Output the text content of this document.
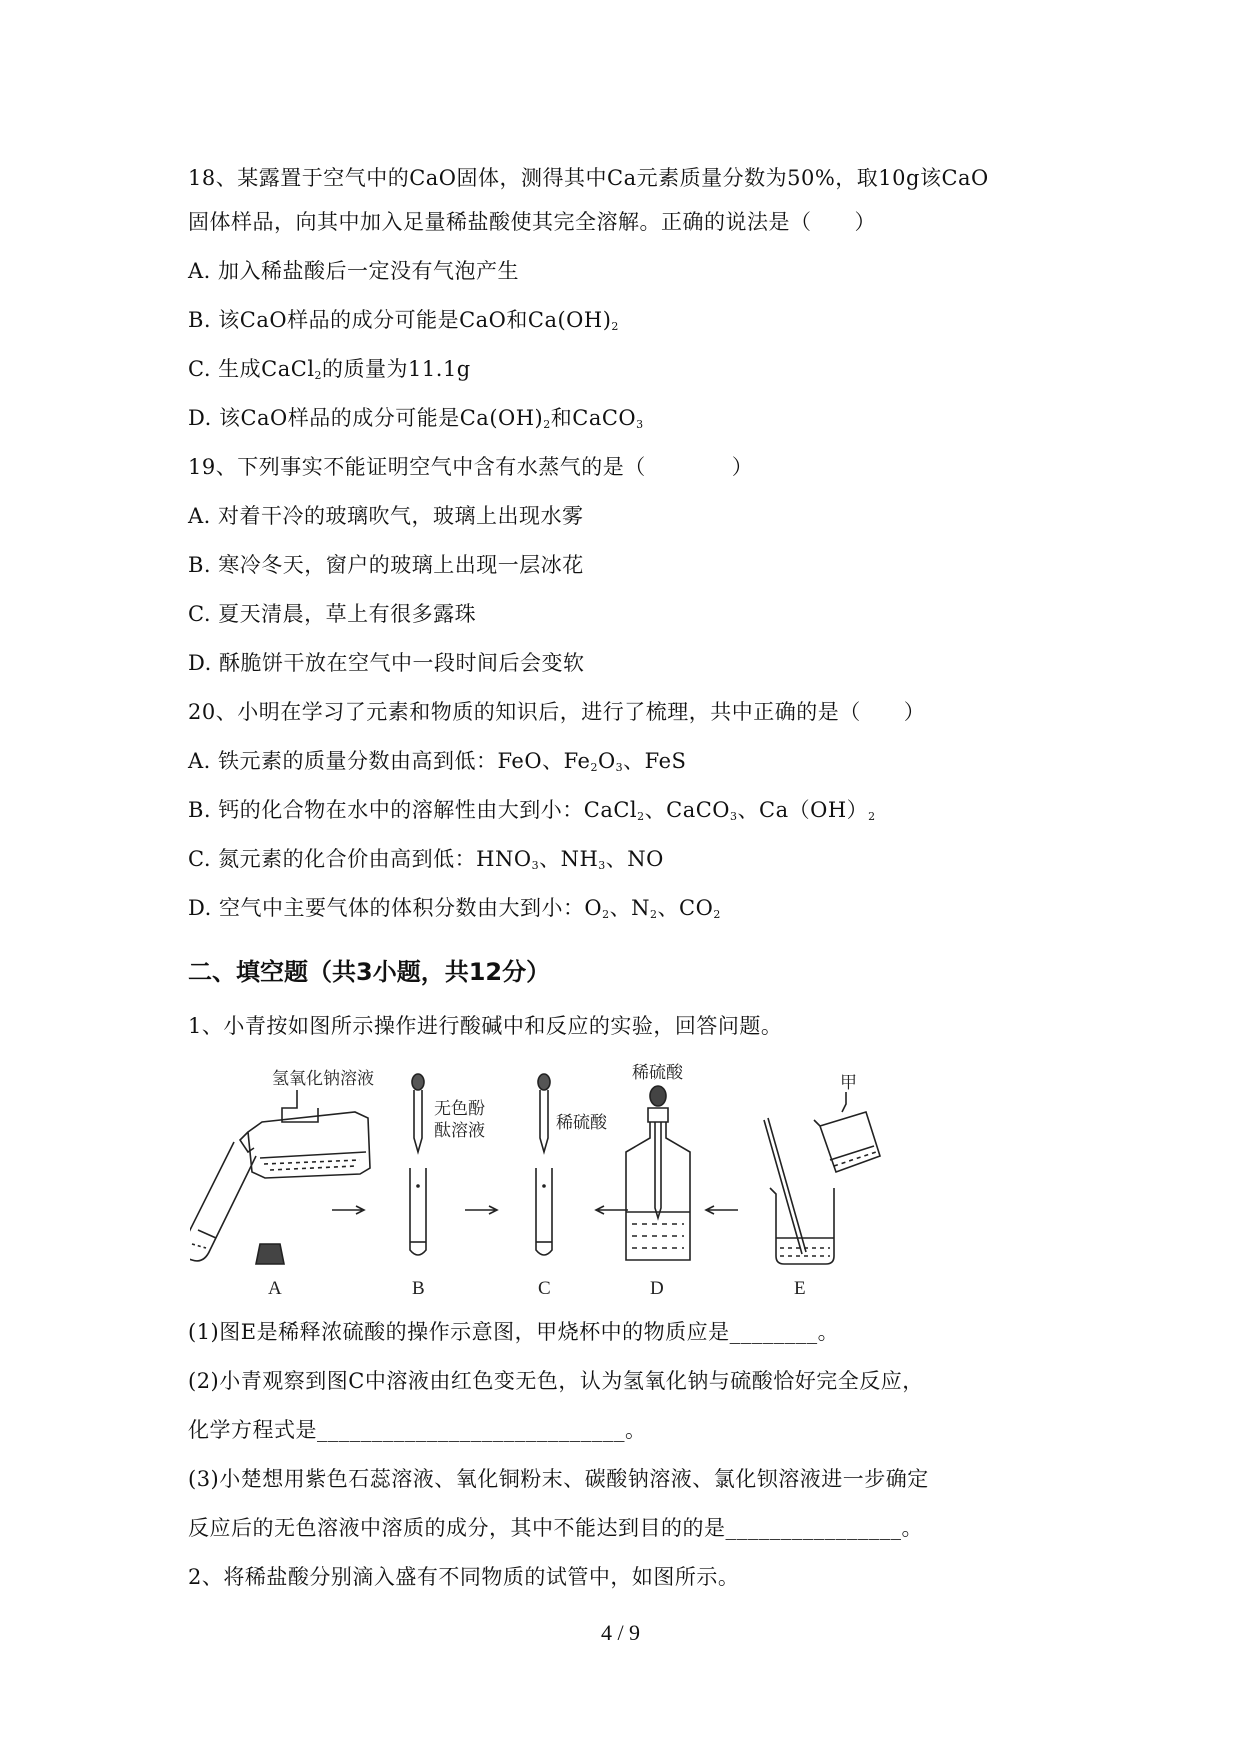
18、某露置于空气中的CaO固体，测得其中Ca元素质量分数为50%，取10g该CaO
固体样品，向其中加入足量稀盐酸使其完全溶解。正确的说法是（　　）
A. 加入稀盐酸后一定没有气泡产生
B. 该CaO样品的成分可能是CaO和$Ca(OH)_2$
C. 生成CaCl$_2$的质量为11.1g
D. 该CaO样品的成分可能是$Ca(OH)_2$和CaCO$_3$
19、下列事实不能证明空气中含有水蒸气的是（　　　　）
A. 对着干冷的玻璃吹气，玻璃上出现水雾
B. 寒冷冬天，窗户的玻璃上出现一层冰花
C. 夏天清晨，草上有很多露珠
D. 酥脆饼干放在空气中一段时间后会变软
20、小明在学习了元素和物质的知识后，进行了梳理，共中正确的是（　　）
A. 铁元素的质量分数由高到低：FeO、$Fe_2O_3$、FeS
B. 钙的化合物在水中的溶解性由大到小：CaCl$_2$、CaCO$_3$、$Ca(OH)_2$
C. 氮元素的化合价由高到低：$HNO_3$、$NH_3$、NO
D. 空气中主要气体的体积分数由大到小：$O_2$、$N_2$、$CO_2$
二、填空题（共3小题，共12分）
1、小青按如图所示操作进行酸碱中和反应的实验，回答问题。
氢氧化钠溶液
A
无色酚
酞溶液
B
稀硫酸
C
稀硫酸
D
甲
E
(1)图E是稀释浓硫酸的操作示意图，甲烧杯中的物质应是________。
(2)小青观察到图C中溶液由红色变无色，认为氢氧化钠与硫酸恰好完全反应，
化学方程式是____________________________。
(3)小楚想用紫色石蕊溶液、氧化铜粉末、碳酸钠溶液、氯化钡溶液进一步确定
反应后的无色溶液中溶质的成分，其中不能达到目的的是________________。
2、将稀盐酸分别滴入盛有不同物质的试管中，如图所示。
4 / 9
